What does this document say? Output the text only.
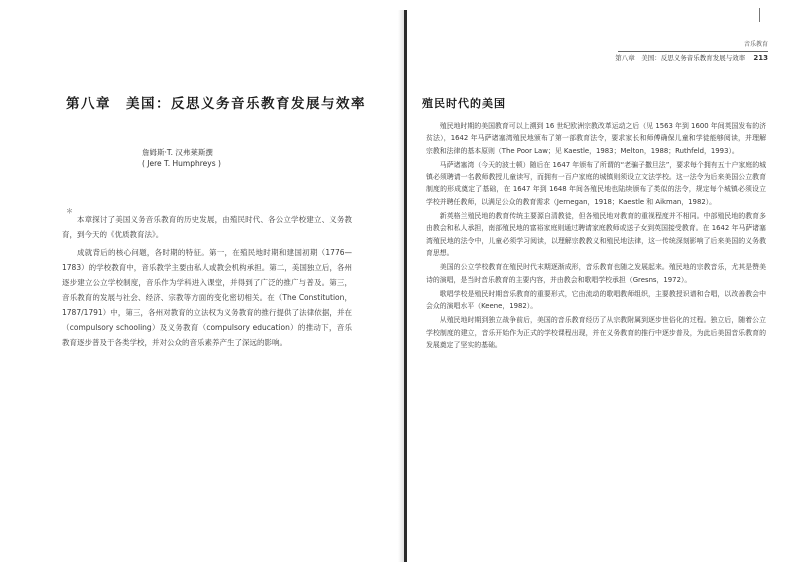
第八章　美国：反思义务音乐教育发展与效率
詹姆斯·T. 汉弗莱斯撰
( Jere T. Humphreys )
＊

本章探讨了美国义务音乐教育的历史发展，由殖民时代、各公立学校建立、义务教育，到今天的《优质教育法》。

成就背后的核心问题，各时期的特征。第一，在殖民地时期和建国初期（1776—1783）的学校教育中，音乐教学主要由私人或教会机构承担。第二，美国独立后，各州逐步建立公立学校制度，音乐作为学科进入课堂，并得到了广泛的推广与普及。第三，音乐教育的发展与社会、经济、宗教等方面的变化密切相关。在（The Constitution，1787/1791）中，第三，各州对教育的立法权为义务教育的推行提供了法律依据，并在（compulsory schooling）及义务教育（compulsory education）的推动下，音乐教育逐步普及于各类学校，并对公众的音乐素养产生了深远的影响。

音乐教育
第八章　美国：反思义务音乐教育发展与效率 213
殖民时代的美国

殖民地时期的美国教育可以上溯到 16 世纪欧洲宗教改革运动之后（见 1563 年到 1600 年间英国发布的济贫法），1642 年马萨诸塞湾殖民地颁布了第一部教育法令，要求家长和师傅确保儿童和学徒能够阅读，并理解宗教和法律的基本原则（The Poor Law；见 Kaestle，1983；Melton，1988；Ruthfeld，1993）。

马萨诸塞湾（今天的波士顿）随后在 1647 年颁布了所谓的“老骗子撒旦法”，要求每个拥有五十户家庭的城镇必须聘请一名教师教授儿童读写，而拥有一百户家庭的城镇则须设立文法学校。这一法令为后来美国公立教育制度的形成奠定了基础，在 1647 年到 1648 年间各殖民地也陆续颁布了类似的法令，规定每个城镇必须设立学校并聘任教师，以满足公众的教育需求（Jernegan，1918；Kaestle 和 Aikman，1982）。

新英格兰殖民地的教育传统主要源自清教徒，但各殖民地对教育的重视程度并不相同。中部殖民地的教育多由教会和私人承担，南部殖民地的富裕家庭则通过聘请家庭教师或送子女到英国接受教育。在 1642 年马萨诸塞湾殖民地的法令中，儿童必须学习阅读，以理解宗教教义和殖民地法律，这一传统深刻影响了后来美国的义务教育思想。

美国的公立学校教育在殖民时代末期逐渐成形，音乐教育也随之发展起来。殖民地的宗教音乐，尤其是赞美诗的演唱，是当时音乐教育的主要内容，并由教会和歌唱学校承担（Gresns，1972）。

歌唱学校是殖民时期音乐教育的重要形式，它由流动的歌唱教师组织，主要教授识谱和合唱，以改善教会中会众的演唱水平（Keene，1982）。

从殖民地时期到独立战争前后，美国的音乐教育经历了从宗教附属到逐步世俗化的过程。独立后，随着公立学校制度的建立，音乐开始作为正式的学校课程出现，并在义务教育的推行中逐步普及，为此后美国音乐教育的发展奠定了坚实的基础。
